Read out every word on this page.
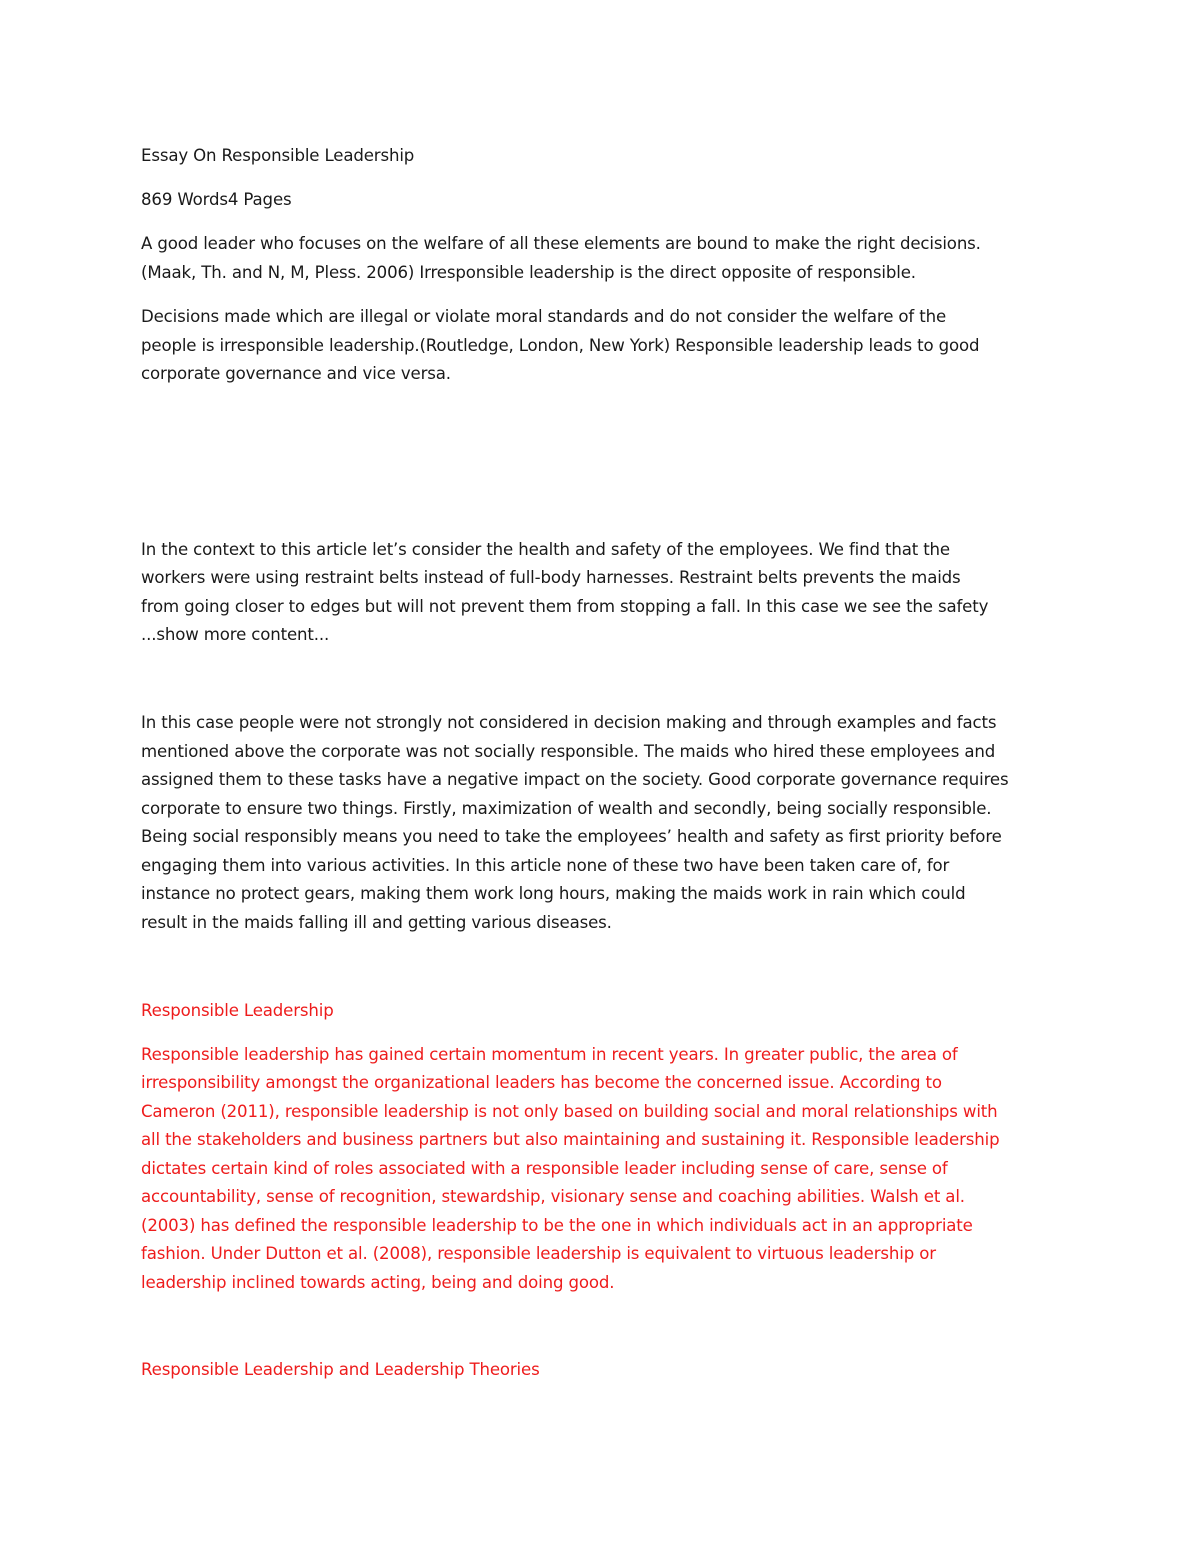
Essay On Responsible Leadership

869 Words4 Pages

A good leader who focuses on the welfare of all these elements are bound to make the right decisions.

(Maak, Th. and N, M, Pless. 2006) Irresponsible leadership is the direct opposite of responsible.

Decisions made which are illegal or violate moral standards and do not consider the welfare of the

people is irresponsible leadership.(Routledge, London, New York) Responsible leadership leads to good

corporate governance and vice versa.

In the context to this article let’s consider the health and safety of the employees. We find that the

workers were using restraint belts instead of full-body harnesses. Restraint belts prevents the maids

from going closer to edges but will not prevent them from stopping a fall. In this case we see the safety

...show more content...

In this case people were not strongly not considered in decision making and through examples and facts

mentioned above the corporate was not socially responsible. The maids who hired these employees and

assigned them to these tasks have a negative impact on the society. Good corporate governance requires

corporate to ensure two things. Firstly, maximization of wealth and secondly, being socially responsible.

Being social responsibly means you need to take the employees’ health and safety as first priority before

engaging them into various activities. In this article none of these two have been taken care of, for

instance no protect gears, making them work long hours, making the maids work in rain which could

result in the maids falling ill and getting various diseases.

Responsible Leadership

Responsible leadership has gained certain momentum in recent years. In greater public, the area of

irresponsibility amongst the organizational leaders has become the concerned issue. According to

Cameron (2011), responsible leadership is not only based on building social and moral relationships with

all the stakeholders and business partners but also maintaining and sustaining it. Responsible leadership

dictates certain kind of roles associated with a responsible leader including sense of care, sense of

accountability, sense of recognition, stewardship, visionary sense and coaching abilities. Walsh et al.

(2003) has defined the responsible leadership to be the one in which individuals act in an appropriate

fashion. Under Dutton et al. (2008), responsible leadership is equivalent to virtuous leadership or

leadership inclined towards acting, being and doing good.

Responsible Leadership and Leadership Theories
